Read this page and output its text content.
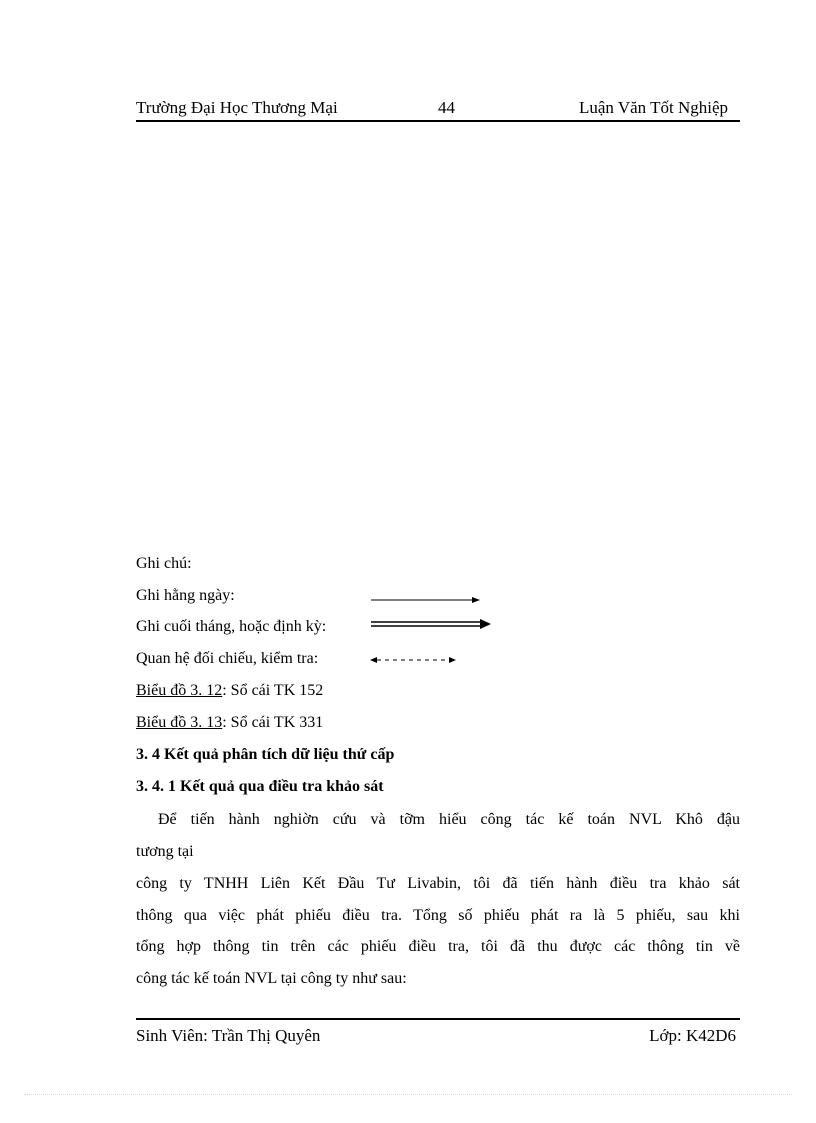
Trường Đại Học Thương Mại	44	Luận Văn Tốt Nghiệp
Ghi chú:
Ghi hằng ngày:
Ghi cuối tháng, hoặc định kỳ:
Quan hệ đối chiếu, kiểm tra:
Biểu đồ 3. 12: Sổ cái TK 152
Biểu đồ 3. 13: Sổ cái TK 331
3. 4 Kết quả phân tích dữ liệu thứ cấp
3. 4. 1 Kết quả qua điều tra khảo sát
Để tiến hành nghiờn cứu và tỡm hiểu công tác kế toán NVL Khô đậu
tương tại
công ty TNHH Liên Kết Đầu Tư Livabin, tôi đã tiến hành điều tra khảo sát
thông qua việc phát phiếu điều tra. Tổng số phiếu phát ra là 5 phiếu, sau khi
tổng hợp thông tin trên các phiếu điều tra, tôi đã thu được các thông tin về
công tác kế toán NVL tại công ty như sau:
Sinh Viên: Trần Thị Quyên	Lớp: K42D6
